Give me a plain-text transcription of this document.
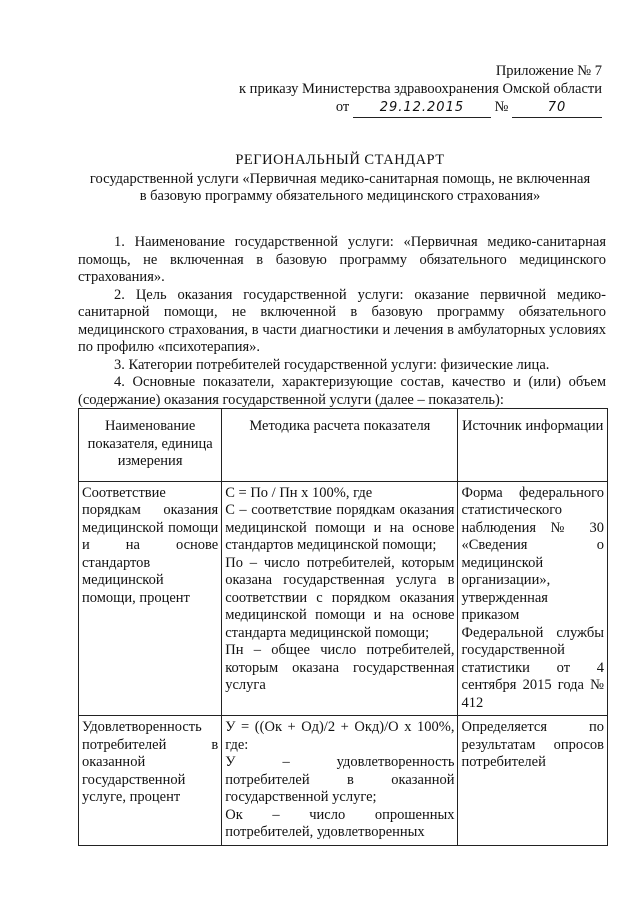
Приложение № 7
к приказу Министерства здравоохранения Омской области
от 29.12.2015 №	70
РЕГИОНАЛЬНЫЙ СТАНДАРТ
государственной услуги «Первичная медико-санитарная помощь, не включенная
в базовую программу обязательного медицинского страхования»

1. Наименование государственной услуги: «Первичная медико-санитарная помощь, не включенная в базовую программу обязательного медицинского страхования».

2. Цель оказания государственной услуги: оказание первичной медико-санитарной помощи, не включенной в базовую программу обязательного медицинского страхования, в части диагностики и лечения в амбулаторных условиях по профилю «психотерапия».

3. Категории потребителей государственной услуги: физические лица.

4. Основные показатели, характеризующие состав, качество и (или) объем (содержание) оказания государственной услуги (далее – показатель):

Наименование показателя, единица измерения	Методика расчета показателя	Источник информации
Соответствие порядкам оказания медицинской помощи и на основе стандартов медицинской помощи, процент	С = По / Пн х 100%, где
С – соответствие порядкам оказания медицинской помощи и на основе стандартов медицинской помощи;
По – число потребителей, которым оказана государственная услуга в соответствии с порядком оказания медицинской помощи и на основе стандарта медицинской помощи;
Пн – общее число потребителей, которым оказана государственная услуга	Форма федерального статистического наблюдения № 30 «Сведения о медицинской организации», утвержденная приказом Федеральной службы государственной статистики от 4 сентября 2015 года № 412
Удовлетворенность потребителей в оказанной государственной услуге, процент	У = ((Ок + Од)/2 + Окд)/О х 100%, где:
У – удовлетворенность потребителей в оказанной государственной услуге;
Ок – число опрошенных потребителей, удовлетворенных	Определяется по результатам опросов потребителей
